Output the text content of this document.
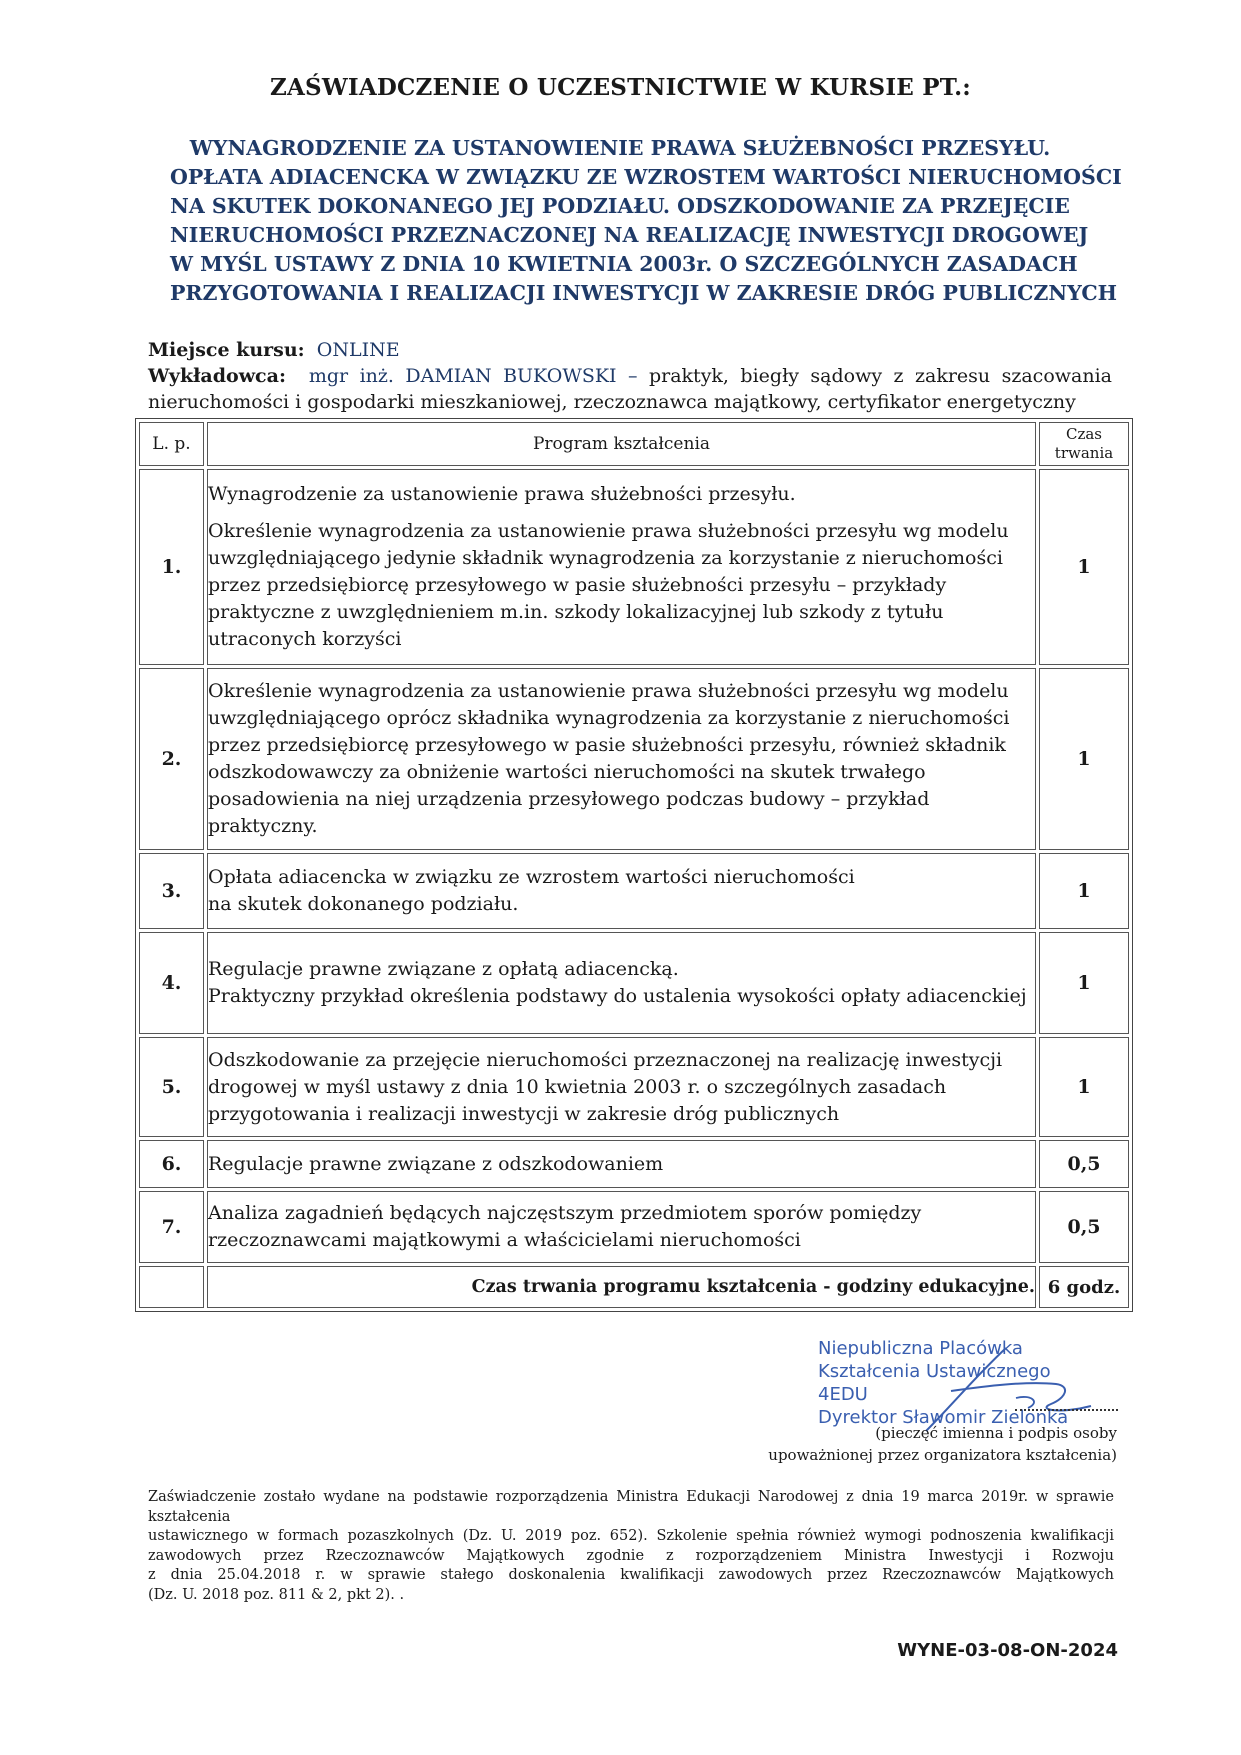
ZAŚWIADCZENIE O UCZESTNICTWIE W KURSIE PT.:
WYNAGRODZENIE ZA USTANOWIENIE PRAWA SŁUŻEBNOŚCI PRZESYŁU.
OPŁATA ADIACENCKA W ZWIĄZKU ZE WZROSTEM WARTOŚCI NIERUCHOMOŚCI
NA SKUTEK DOKONANEGO JEJ PODZIAŁU. ODSZKODOWANIE ZA PRZEJĘCIE
NIERUCHOMOŚCI PRZEZNACZONEJ NA REALIZACJĘ INWESTYCJI DROGOWEJ
W MYŚL USTAWY Z DNIA 10 KWIETNIA 2003r. O SZCZEGÓLNYCH ZASADACH
PRZYGOTOWANIA I REALIZACJI INWESTYCJI W ZAKRESIE DRÓG PUBLICZNYCH
Miejsce kursu: ONLINE
Wykładowca: mgr inż. DAMIAN BUKOWSKI – praktyk, biegły sądowy z zakresu szacowania
nieruchomości i gospodarki mieszkaniowej, rzeczoznawca majątkowy, certyfikator energetyczny
L. p.	Program kształcenia	Czas
trwania

1.	Wynagrodzenie za ustanowienie prawa służebności przesyłu.

Określenie wynagrodzenia za ustanowienie prawa służebności przesyłu wg modelu uwzględniającego jedynie składnik wynagrodzenia za korzystanie z nieruchomości przez przedsiębiorcę przesyłowego w pasie służebności przesyłu – przykłady praktyczne z uwzględnieniem m.in. szkody lokalizacyjnej lub szkody z tytułu utraconych korzyści	1
2.	Określenie wynagrodzenia za ustanowienie prawa służebności przesyłu wg modelu uwzględniającego oprócz składnika wynagrodzenia za korzystanie z nieruchomości przez przedsiębiorcę przesyłowego w pasie służebności przesyłu, również składnik odszkodowawczy za obniżenie wartości nieruchomości na skutek trwałego posadowienia na niej urządzenia przesyłowego podczas budowy – przykład praktyczny.	1
3.	Opłata adiacencka w związku ze wzrostem wartości nieruchomości
na skutek dokonanego podziału.	1
4.	Regulacje prawne związane z opłatą adiacencką.
Praktyczny przykład określenia podstawy do ustalenia wysokości opłaty adiacenckiej	1
5.	Odszkodowanie za przejęcie nieruchomości przeznaczonej na realizację inwestycji drogowej w myśl ustawy z dnia 10 kwietnia 2003 r. o szczególnych zasadach przygotowania i realizacji inwestycji w zakresie dróg publicznych	1
6.	Regulacje prawne związane z odszkodowaniem	0,5
7.	Analiza zagadnień będących najczęstszym przedmiotem sporów pomiędzy rzeczoznawcami majątkowymi a właścicielami nieruchomości	0,5
	Czas trwania programu kształcenia - godziny edukacyjne.	6 godz.
Niepubliczna Placówka
Kształcenia Ustawicznego
4EDU
Dyrektor Sławomir Zielonka
(pieczęć imienna i podpis osoby
upoważnionej przez organizatora kształcenia)
Zaświadczenie zostało wydane na podstawie rozporządzenia Ministra Edukacji Narodowej z dnia 19 marca 2019r. w sprawie kształcenia
ustawicznego w formach pozaszkolnych (Dz. U. 2019 poz. 652). Szkolenie spełnia również wymogi podnoszenia kwalifikacji
zawodowych przez Rzeczoznawców Majątkowych zgodnie z rozporządzeniem Ministra Inwestycji i Rozwoju
z dnia 25.04.2018 r. w sprawie stałego doskonalenia kwalifikacji zawodowych przez Rzeczoznawców Majątkowych
(Dz. U. 2018 poz. 811 & 2, pkt 2). .
WYNE-03-08-ON-2024
